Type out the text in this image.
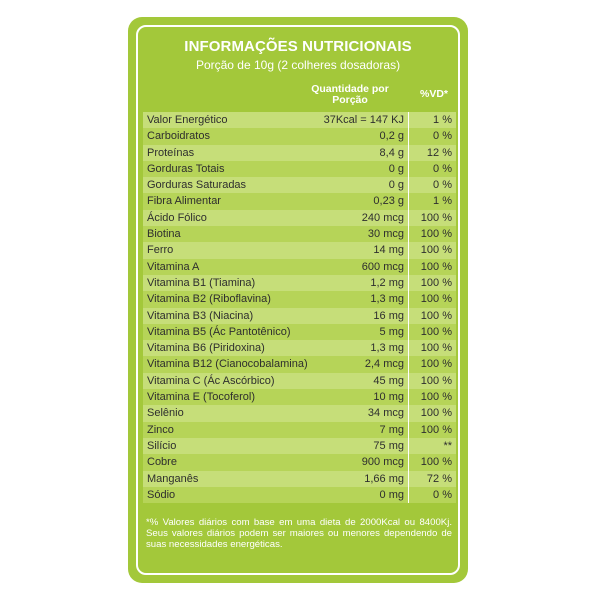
INFORMAÇÕES NUTRICIONAIS
Porção de 10g (2 colheres dosadoras)
Quantidade por Porção	%VD*
Valor Energético	37Kcal = 147 KJ	1 %
Carboidratos	0,2 g	0 %
Proteínas	8,4 g 12 %
Gorduras Totais	0 g	0 %
Gorduras Saturadas	0 g	0 %
Fibra Alimentar	0,23 g	1 %
Ácido Fólico	240 mcg 100 %
Biotina	30 mcg 100 %
Ferro	14 mg 100 %
Vitamina A	600 mcg 100 %
Vitamina B1 (Tiamina)	1,2 mg 100 %
Vitamina B2 (Riboflavina)	1,3 mg 100 %
Vitamina B3 (Niacina)	16 mg 100 %
Vitamina B5 (Ác Pantotênico)	5 mg 100 %
Vitamina B6 (Piridoxina)	1,3 mg 100 %
Vitamina B12 (Cianocobalamina)	2,4 mcg 100 %
Vitamina C (Ác Ascórbico)	45 mg 100 %
Vitamina E (Tocoferol)	10 mg 100 %
Selênio	34 mcg 100 %
Zinco	7 mg 100 %
Silício	75 mg	**
Cobre	900 mcg 100 %
Manganês	1,66 mg 72 %
Sódio	0 mg	0 %
*% Valores diários com base em uma dieta de 2000Kcal ou 8400Kj. Seus valores diários podem ser maiores ou menores dependendo de suas necessidades energéticas.
